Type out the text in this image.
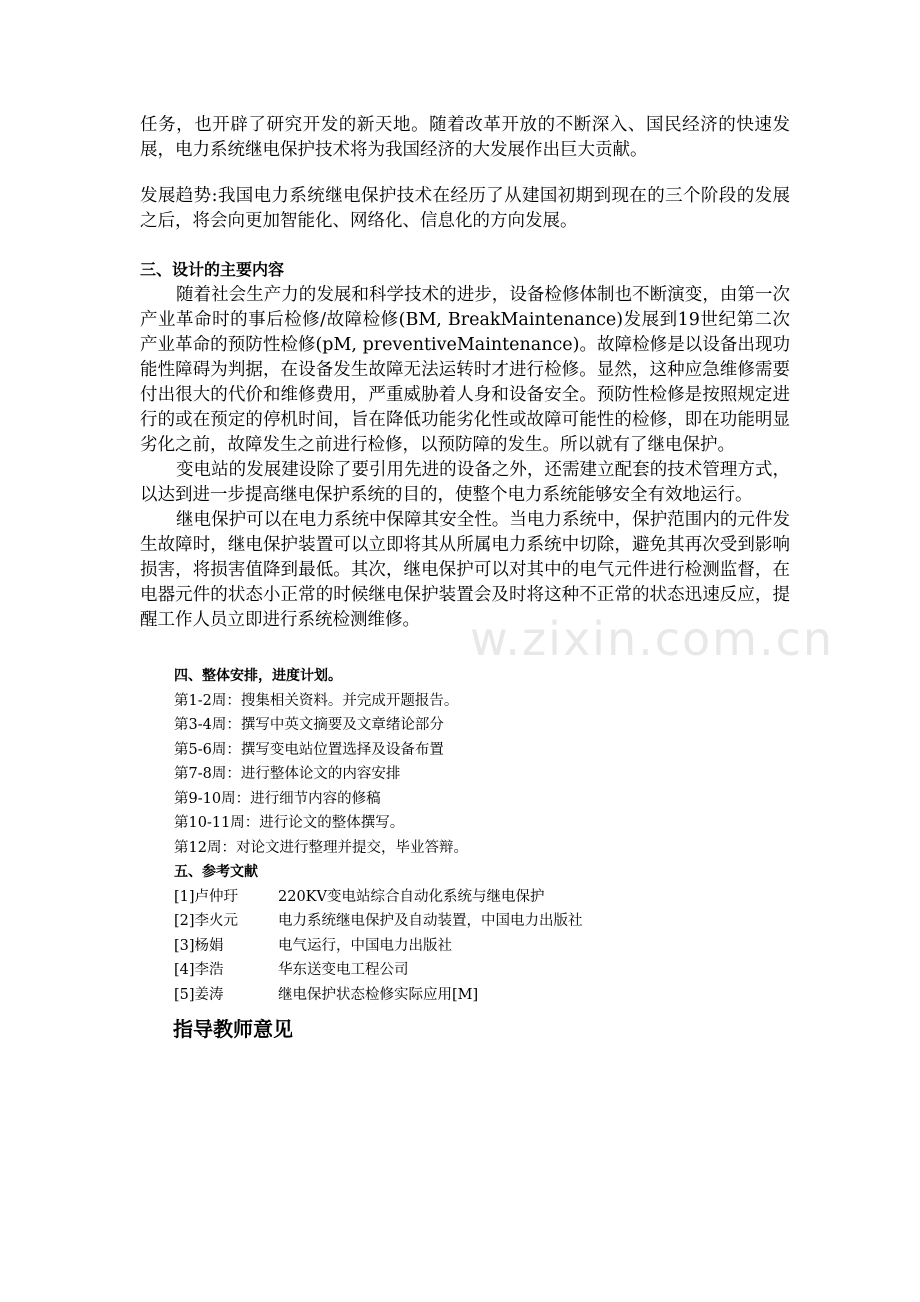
w.zixin.com.cn

任务，也开辟了研究开发的新天地。随着改革开放的不断深入、国民经济的快速发展，电力系统继电保护技术将为我国经济的大发展作出巨大贡献。

发展趋势:我国电力系统继电保护技术在经历了从建国初期到现在的三个阶段的发展之后，将会向更加智能化、网络化、信息化的方向发展。

三、设计的主要内容

随着社会生产力的发展和科学技术的进步，设备检修体制也不断演变，由第一次产业革命时的事后检修/故障检修(BM, BreakMaintenance)发展到19世纪第二次产业革命的预防性检修(pM, preventiveMaintenance)。故障检修是以设备出现功能性障碍为判据，在设备发生故障无法运转时才进行检修。显然，这种应急维修需要付出很大的代价和维修费用，严重威胁着人身和设备安全。预防性检修是按照规定进行的或在预定的停机时间，旨在降低功能劣化性或故障可能性的检修，即在功能明显劣化之前，故障发生之前进行检修，以预防障的发生。所以就有了继电保护。

变电站的发展建设除了要引用先进的设备之外，还需建立配套的技术管理方式，以达到进一步提高继电保护系统的目的，使整个电力系统能够安全有效地运行。

继电保护可以在电力系统中保障其安全性。当电力系统中，保护范围内的元件发生故障时，继电保护装置可以立即将其从所属电力系统中切除，避免其再次受到影响损害，将损害值降到最低。其次，继电保护可以对其中的电气元件进行检测监督，在电器元件的状态小正常的时候继电保护装置会及时将这种不正常的状态迅速反应，提醒工作人员立即进行系统检测维修。

四、整体安排，进度计划。
第1-2周：搜集相关资料。并完成开题报告。
第3-4周：撰写中英文摘要及文章绪论部分
第5-6周：撰写变电站位置选择及设备布置
第7-8周：进行整体论文的内容安排
第9-10周：进行细节内容的修稿
第10-11周：进行论文的整体撰写。
第12周：对论文进行整理并提交，毕业答辩。
五、参考文献
[1]卢仲玗	220KV变电站综合自动化系统与继电保护
[2]李火元	电力系统继电保护及自动装置，中国电力出版社
[3]杨娟	电气运行，中国电力出版社
[4]李浩	华东送变电工程公司
[5]姜涛	继电保护状态检修实际应用[M]
指导教师意见
